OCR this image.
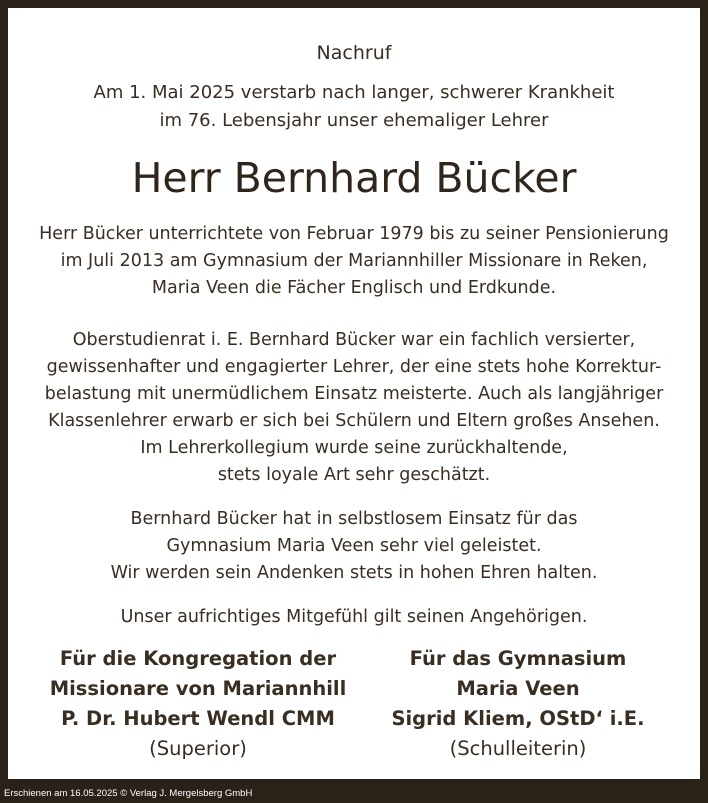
Nachruf
Am 1. Mai 2025 verstarb nach langer, schwerer Krankheit
im 76. Lebensjahr unser ehemaliger Lehrer
Herr Bernhard Bücker
Herr Bücker unterrichtete von Februar 1979 bis zu seiner Pensionierung
im Juli 2013 am Gymnasium der Mariannhiller Missionare in Reken,
Maria Veen die Fächer Englisch und Erdkunde.
Oberstudienrat i. E. Bernhard Bücker war ein fachlich versierter,
gewissenhafter und engagierter Lehrer, der eine stets hohe Korrektur-
belastung mit unermüdlichem Einsatz meisterte. Auch als langjähriger
Klassenlehrer erwarb er sich bei Schülern und Eltern großes Ansehen.
Im Lehrerkollegium wurde seine zurückhaltende,
stets loyale Art sehr geschätzt.
Bernhard Bücker hat in selbstlosem Einsatz für das
Gymnasium Maria Veen sehr viel geleistet.
Wir werden sein Andenken stets in hohen Ehren halten.
Unser aufrichtiges Mitgefühl gilt seinen Angehörigen.
Für die Kongregation der
Missionare von Mariannhill
P. Dr. Hubert Wendl CMM
(Superior)
Für das Gymnasium
Maria Veen
Sigrid Kliem, OStD‘ i.E.
(Schulleiterin)
Erschienen am 16.05.2025 © Verlag J. Mergelsberg GmbH
